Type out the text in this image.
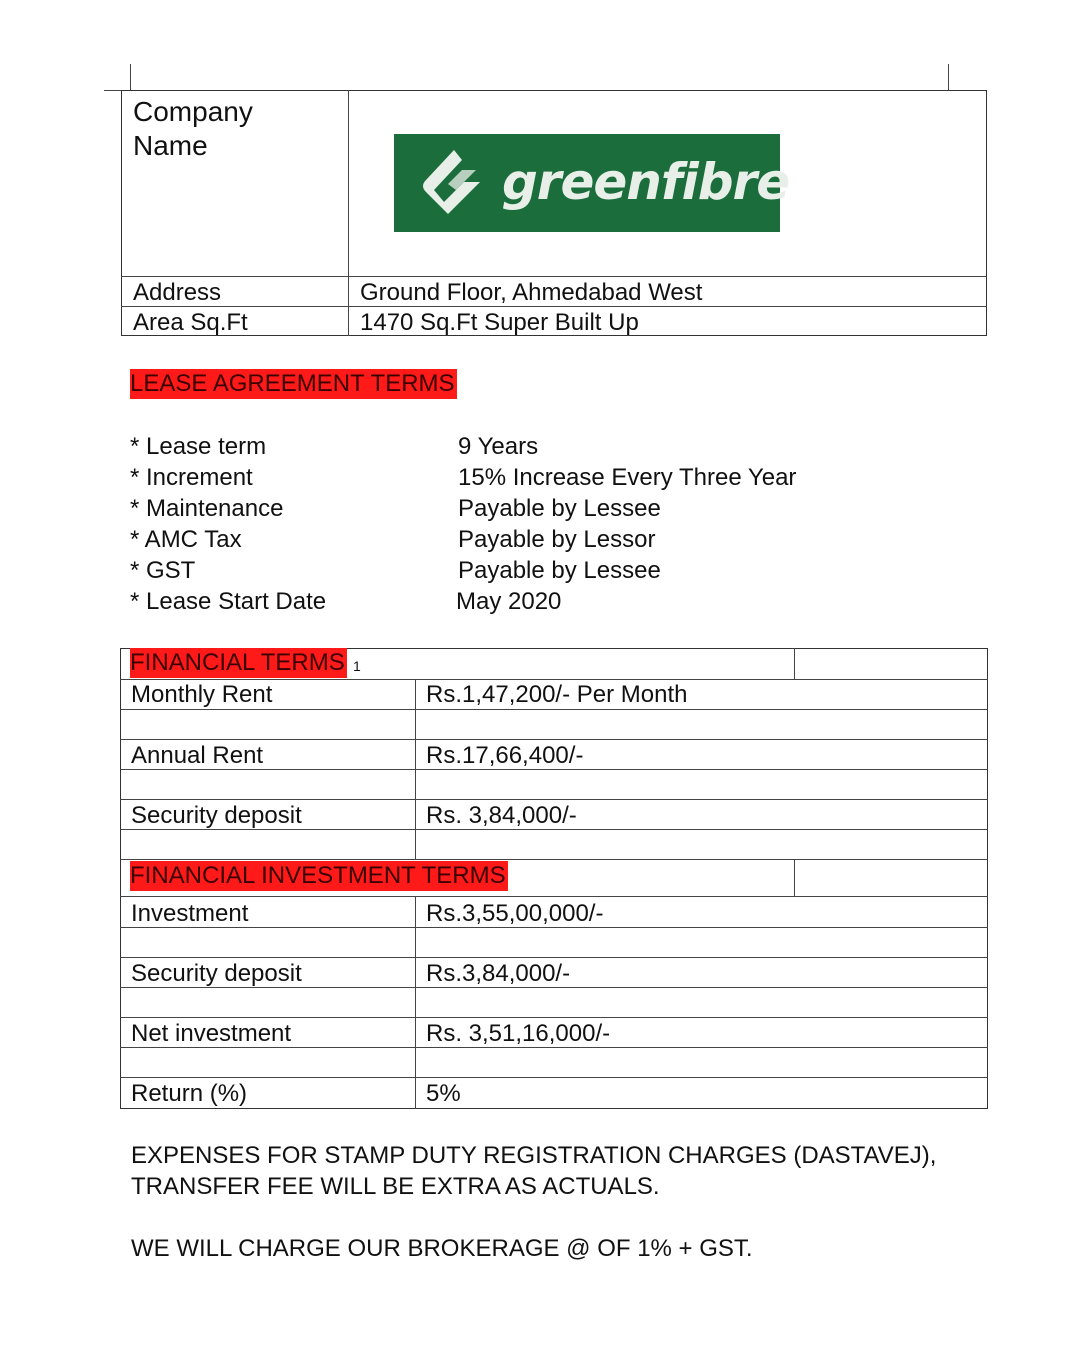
Company
Name
greenfibre
Address	Ground Floor, Ahmedabad West
Area Sq.Ft	1470 Sq.Ft Super Built Up
LEASE AGREEMENT TERMS
* Lease term	9 Years
* Increment	15% Increase Every Three Year
* Maintenance	Payable by Lessee
* AMC Tax	Payable by Lessor
* GST	Payable by Lessee
* Lease Start Date	May 2020
FINANCIAL TERMS 1
Monthly Rent	Rs.1,47,200/- Per Month
Annual Rent	Rs.17,66,400/-
Security deposit	Rs. 3,84,000/-
FINANCIAL INVESTMENT TERMS
Investment	Rs.3,55,00,000/-
Security deposit	Rs.3,84,000/-
Net investment	Rs. 3,51,16,000/-
Return (%)	5%
EXPENSES FOR STAMP DUTY REGISTRATION CHARGES (DASTAVEJ),
TRANSFER FEE WILL BE EXTRA AS ACTUALS.
WE WILL CHARGE OUR BROKERAGE @ OF 1% + GST.
